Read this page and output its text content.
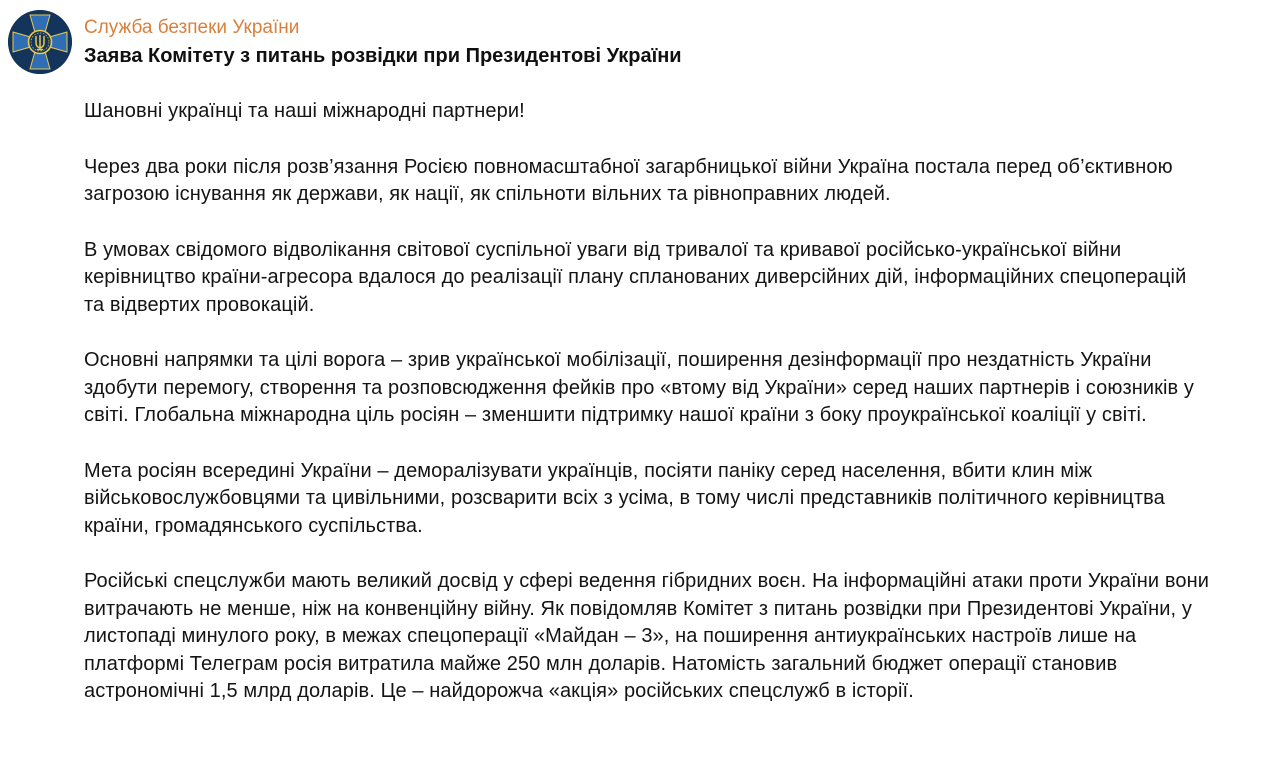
Служба безпеки України
Заява Комітету з питань розвідки при Президентові України

Шановні українці та наші міжнародні партнери!

Через два роки після розв’язання Росією повномасштабної загарбницької війни Україна постала перед об’єктивною загрозою існування як держави, як нації, як спільноти вільних та рівноправних людей.

В умовах свідомого відволікання світової суспільної уваги від тривалої та кривавої російсько-української війни керівництво країни-агресора вдалося до реалізації плану спланованих диверсійних дій, інформаційних спецоперацій та відвертих провокацій.

Основні напрямки та цілі ворога – зрив української мобілізації, поширення дезінформації про нездатність України здобути перемогу, створення та розповсюдження фейків про «втому від України» серед наших партнерів і союзників у світі. Глобальна міжнародна ціль росіян – зменшити підтримку нашої країни з боку проукраїнської коаліції у світі.

Мета росіян всередині України – деморалізувати українців, посіяти паніку серед населення, вбити клин між військовослужбовцями та цивільними, розсварити всіх з усіма, в тому числі представників політичного керівництва країни, громадянського суспільства.

Російські спецслужби мають великий досвід у сфері ведення гібридних воєн. На інформаційні атаки проти України вони витрачають не менше, ніж на конвенційну війну. Як повідомляв Комітет з питань розвідки при Президентові України, у листопаді минулого року, в межах спецоперації «Майдан – 3», на поширення антиукраїнських настроїв лише на платформі Телеграм росія витратила майже 250 млн доларів. Натомість загальний бюджет операції становив астрономічні 1,5 млрд доларів. Це – найдорожча «акція» російських спецслужб в історії.
